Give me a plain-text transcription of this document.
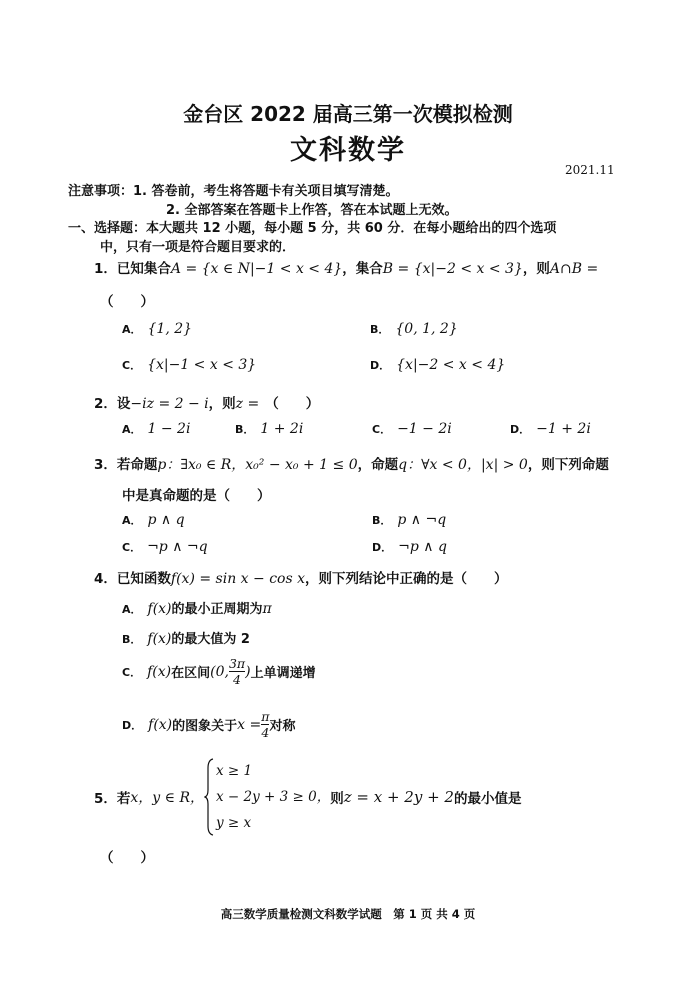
金台区 2022 届高三第一次模拟检测
文科数学
2021.11
注意事项：1. 答卷前，考生将答题卡有关项目填写清楚。
2. 全部答案在答题卡上作答，答在本试题上无效。
一、选择题：本大题共 12 小题，每小题 5 分，共 60 分．在每小题给出的四个选项
中，只有一项是符合题目要求的．
1．已知集合A = {x ∈ N|−1 < x < 4}，集合B = {x|−2 < x < 3}，则A∩B =
（　　）
A． {1, 2}	B． {0, 1, 2}
C． {x|−1 < x < 3}	D． {x|−2 < x < 4}
2．设−iz = 2 − i，则z = （　　）
A． 1 − 2i	B． 1 + 2i	C． −1 − 2i	D． −1 + 2i
3．若命题p：∃x₀ ∈ R，x₀² − x₀ + 1 ≤ 0，命题q：∀x < 0，|x| > 0，则下列命题
中是真命题的是（　　）
A． p ∧ q	B． p ∧ ¬q
C． ¬p ∧ ¬q	D． ¬p ∧ q
4．已知函数f(x) = sin x − cos x，则下列结论中正确的是（　　）
A． f(x)的最小正周期为π
B． f(x)的最大值为 2
C． f(x) 在区间 (0, $\frac{3\pi}{4}$ ) 上单调递增
D． f(x) 的图象关于 $x = \frac{\pi}{4}$ 对称
5． 若 x，y ∈ R，
x ≥ 1
x − 2y + 3 ≥ 0，
y ≥ x
则 z = x + 2y + 2 的最小值是
（　　）
高三数学质量检测文科数学试题　第 1 页 共 4 页
